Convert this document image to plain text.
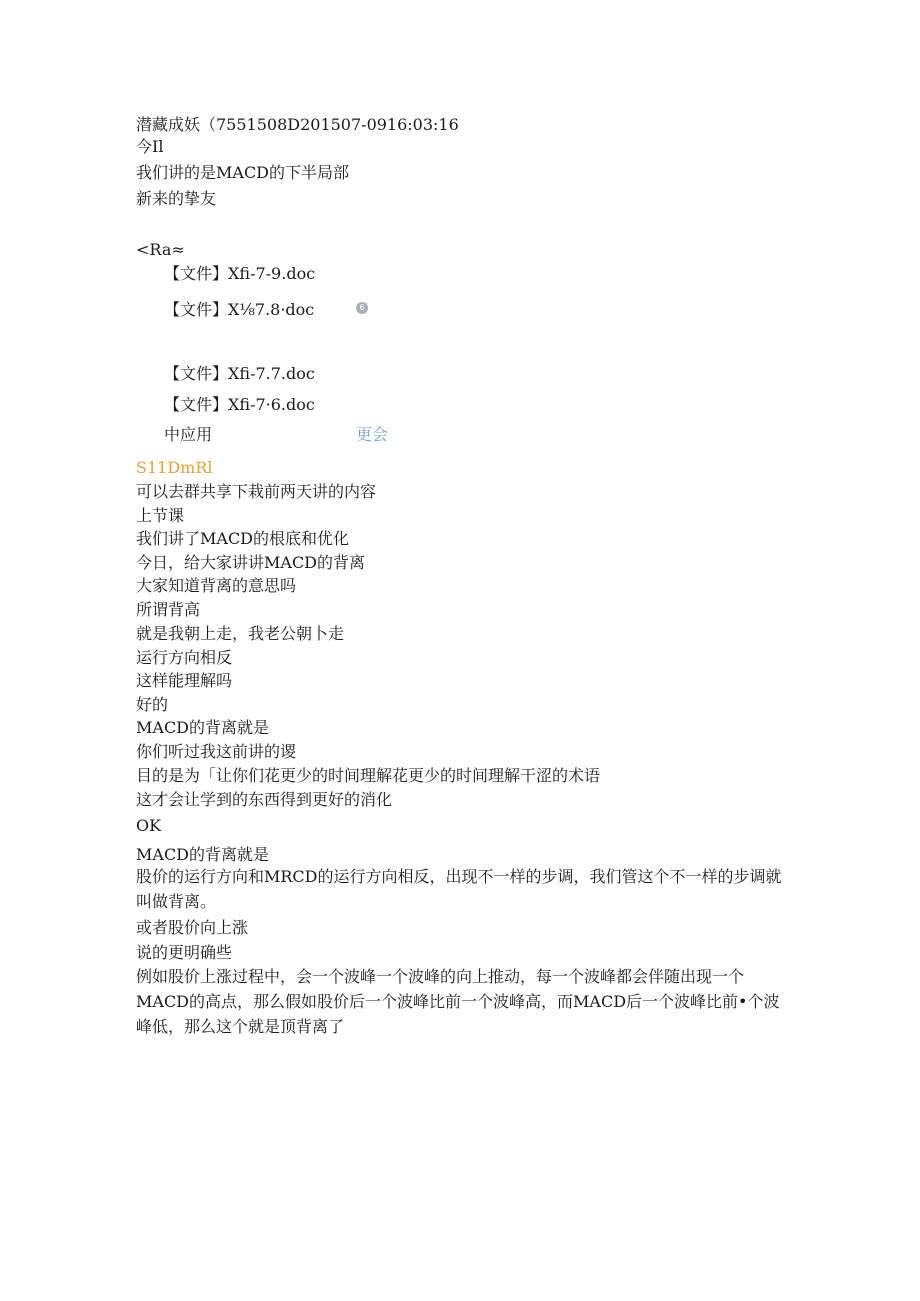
潜藏成妖（7551508D201507-0916:03:16
今Il
我们讲的是MACD的下半局部
新来的挚友
<Ra≈
【文件】Xfi-7-9.doc
【文件】X⅛7.8·doc	6
【文件】Xfi-7.7.doc
【文件】Xfi-7·6.doc
中应用	更会
S11DmRl
可以去群共享下栽前两天讲的内容
上节课
我们讲了MACD的根底和优化
今日，给大家讲讲MACD的背离
大家知道背离的意思吗
所谓背高
就是我朝上走，我老公朝卜走
运行方向相反
这样能理解吗
好的
MACD的背离就是
你们听过我这前讲的谡
目的是为「让你们花更少的时间理解花更少的时间理解干涩的术语
这才会让学到的东西得到更好的消化
OK
MACD的背离就是
股价的运行方向和MRCD的运行方向相反，出现不一样的步调，我们管这个不一样的步调就叫做背离。
或者股价向上涨
说的更明确些
例如股价上涨过程中，会一个波峰一个波峰的向上推动，每一个波峰都会伴随出现一个MACD的高点，那么假如股价后一个波峰比前一个波峰高，而MACD后一个波峰比前•个波峰低，那么这个就是顶背离了
